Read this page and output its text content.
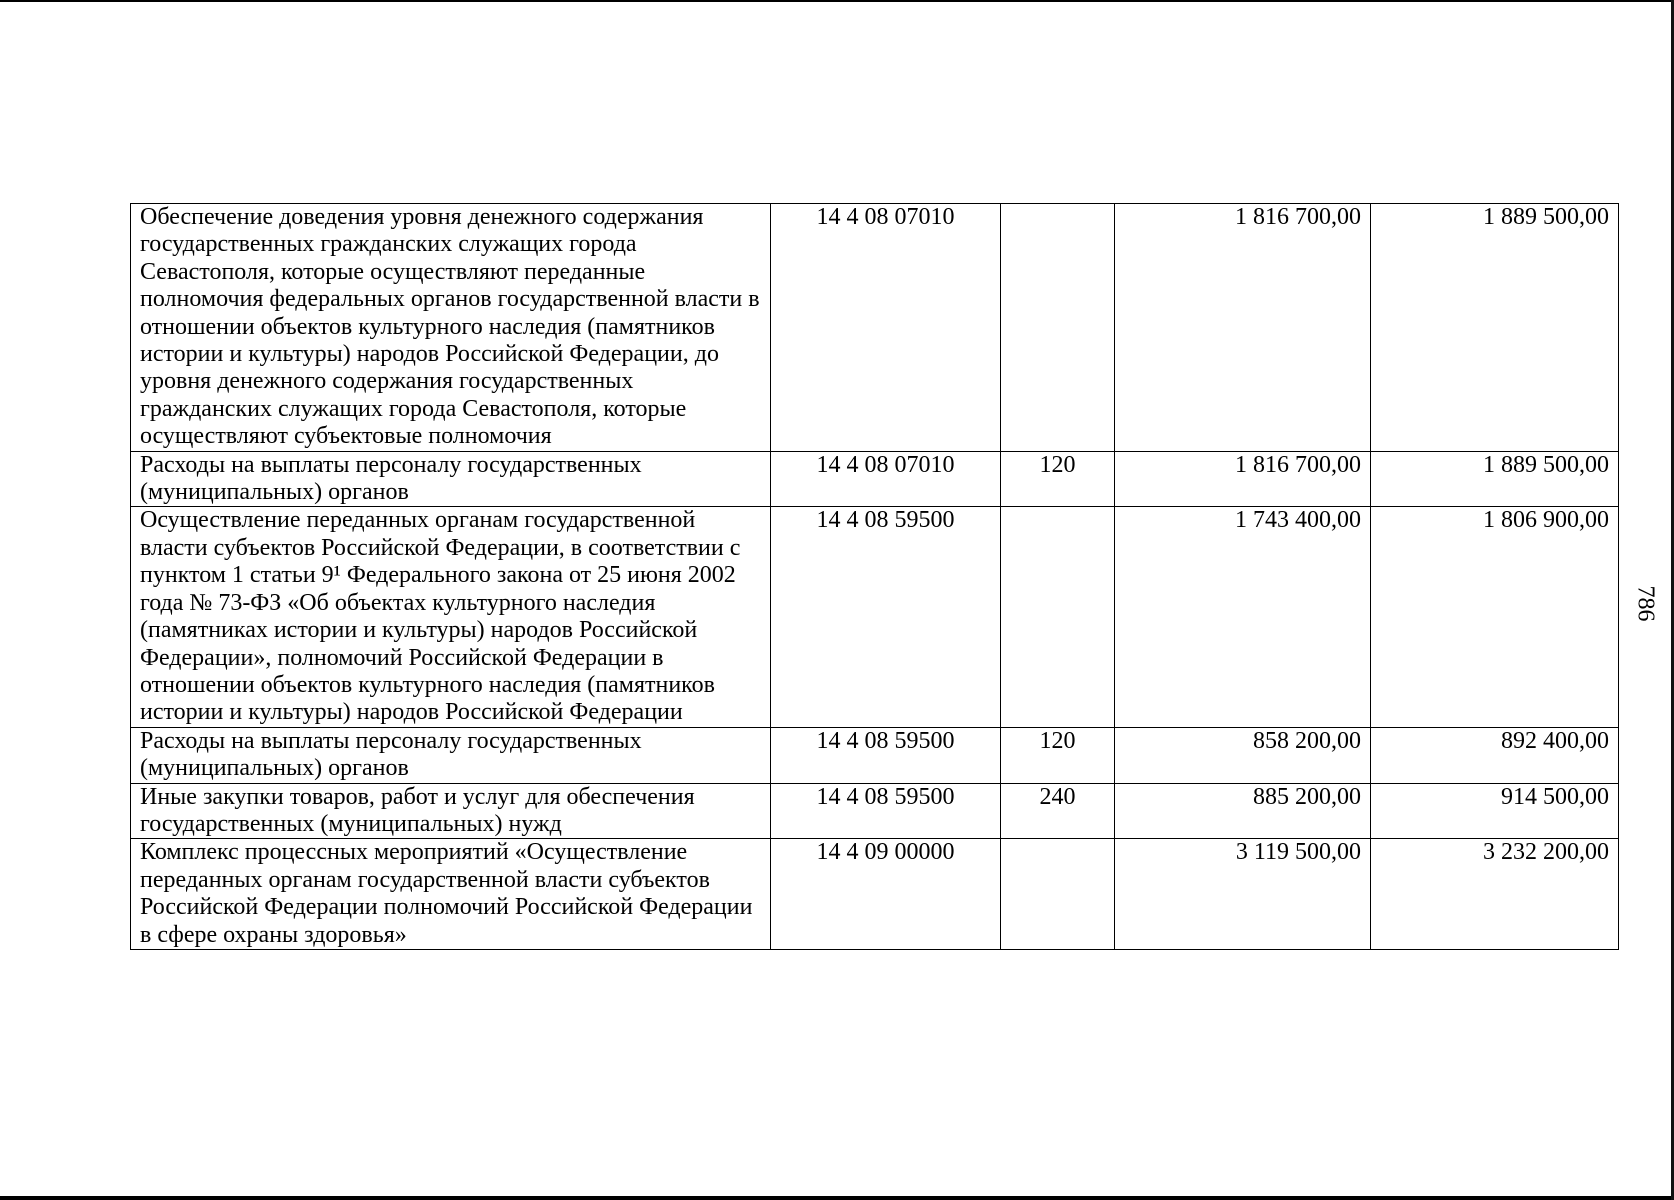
786
Обеспечение доведения уровня денежного содержания государственных гражданских служащих города Севастополя, которые осуществляют переданные полномочия федеральных органов государственной власти в отношении объектов культурного наследия (памятников истории и культуры) народов Российской Федерации, до уровня денежного содержания государственных гражданских служащих города Севастополя, которые осуществляют субъектовые полномочия	14 4 08 07010		1 816 700,00	1 889 500,00
Расходы на выплаты персоналу государственных (муниципальных) органов	14 4 08 07010	120	1 816 700,00	1 889 500,00
Осуществление переданных органам государственной власти субъектов Российской Федерации, в соответствии с пунктом 1 статьи 9¹ Федерального закона от 25 июня 2002 года № 73-ФЗ «Об объектах культурного наследия (памятниках истории и культуры) народов Российской Федерации», полномочий Российской Федерации в отношении объектов культурного наследия (памятников истории и культуры) народов Российской Федерации	14 4 08 59500		1 743 400,00	1 806 900,00
Расходы на выплаты персоналу государственных (муниципальных) органов	14 4 08 59500	120	858 200,00	892 400,00
Иные закупки товаров, работ и услуг для обеспечения государственных (муниципальных) нужд	14 4 08 59500	240	885 200,00	914 500,00
Комплекс процессных мероприятий «Осуществление переданных органам государственной власти субъектов Российской Федерации полномочий Российской Федерации в сфере охраны здоровья»	14 4 09 00000		3 119 500,00	3 232 200,00
